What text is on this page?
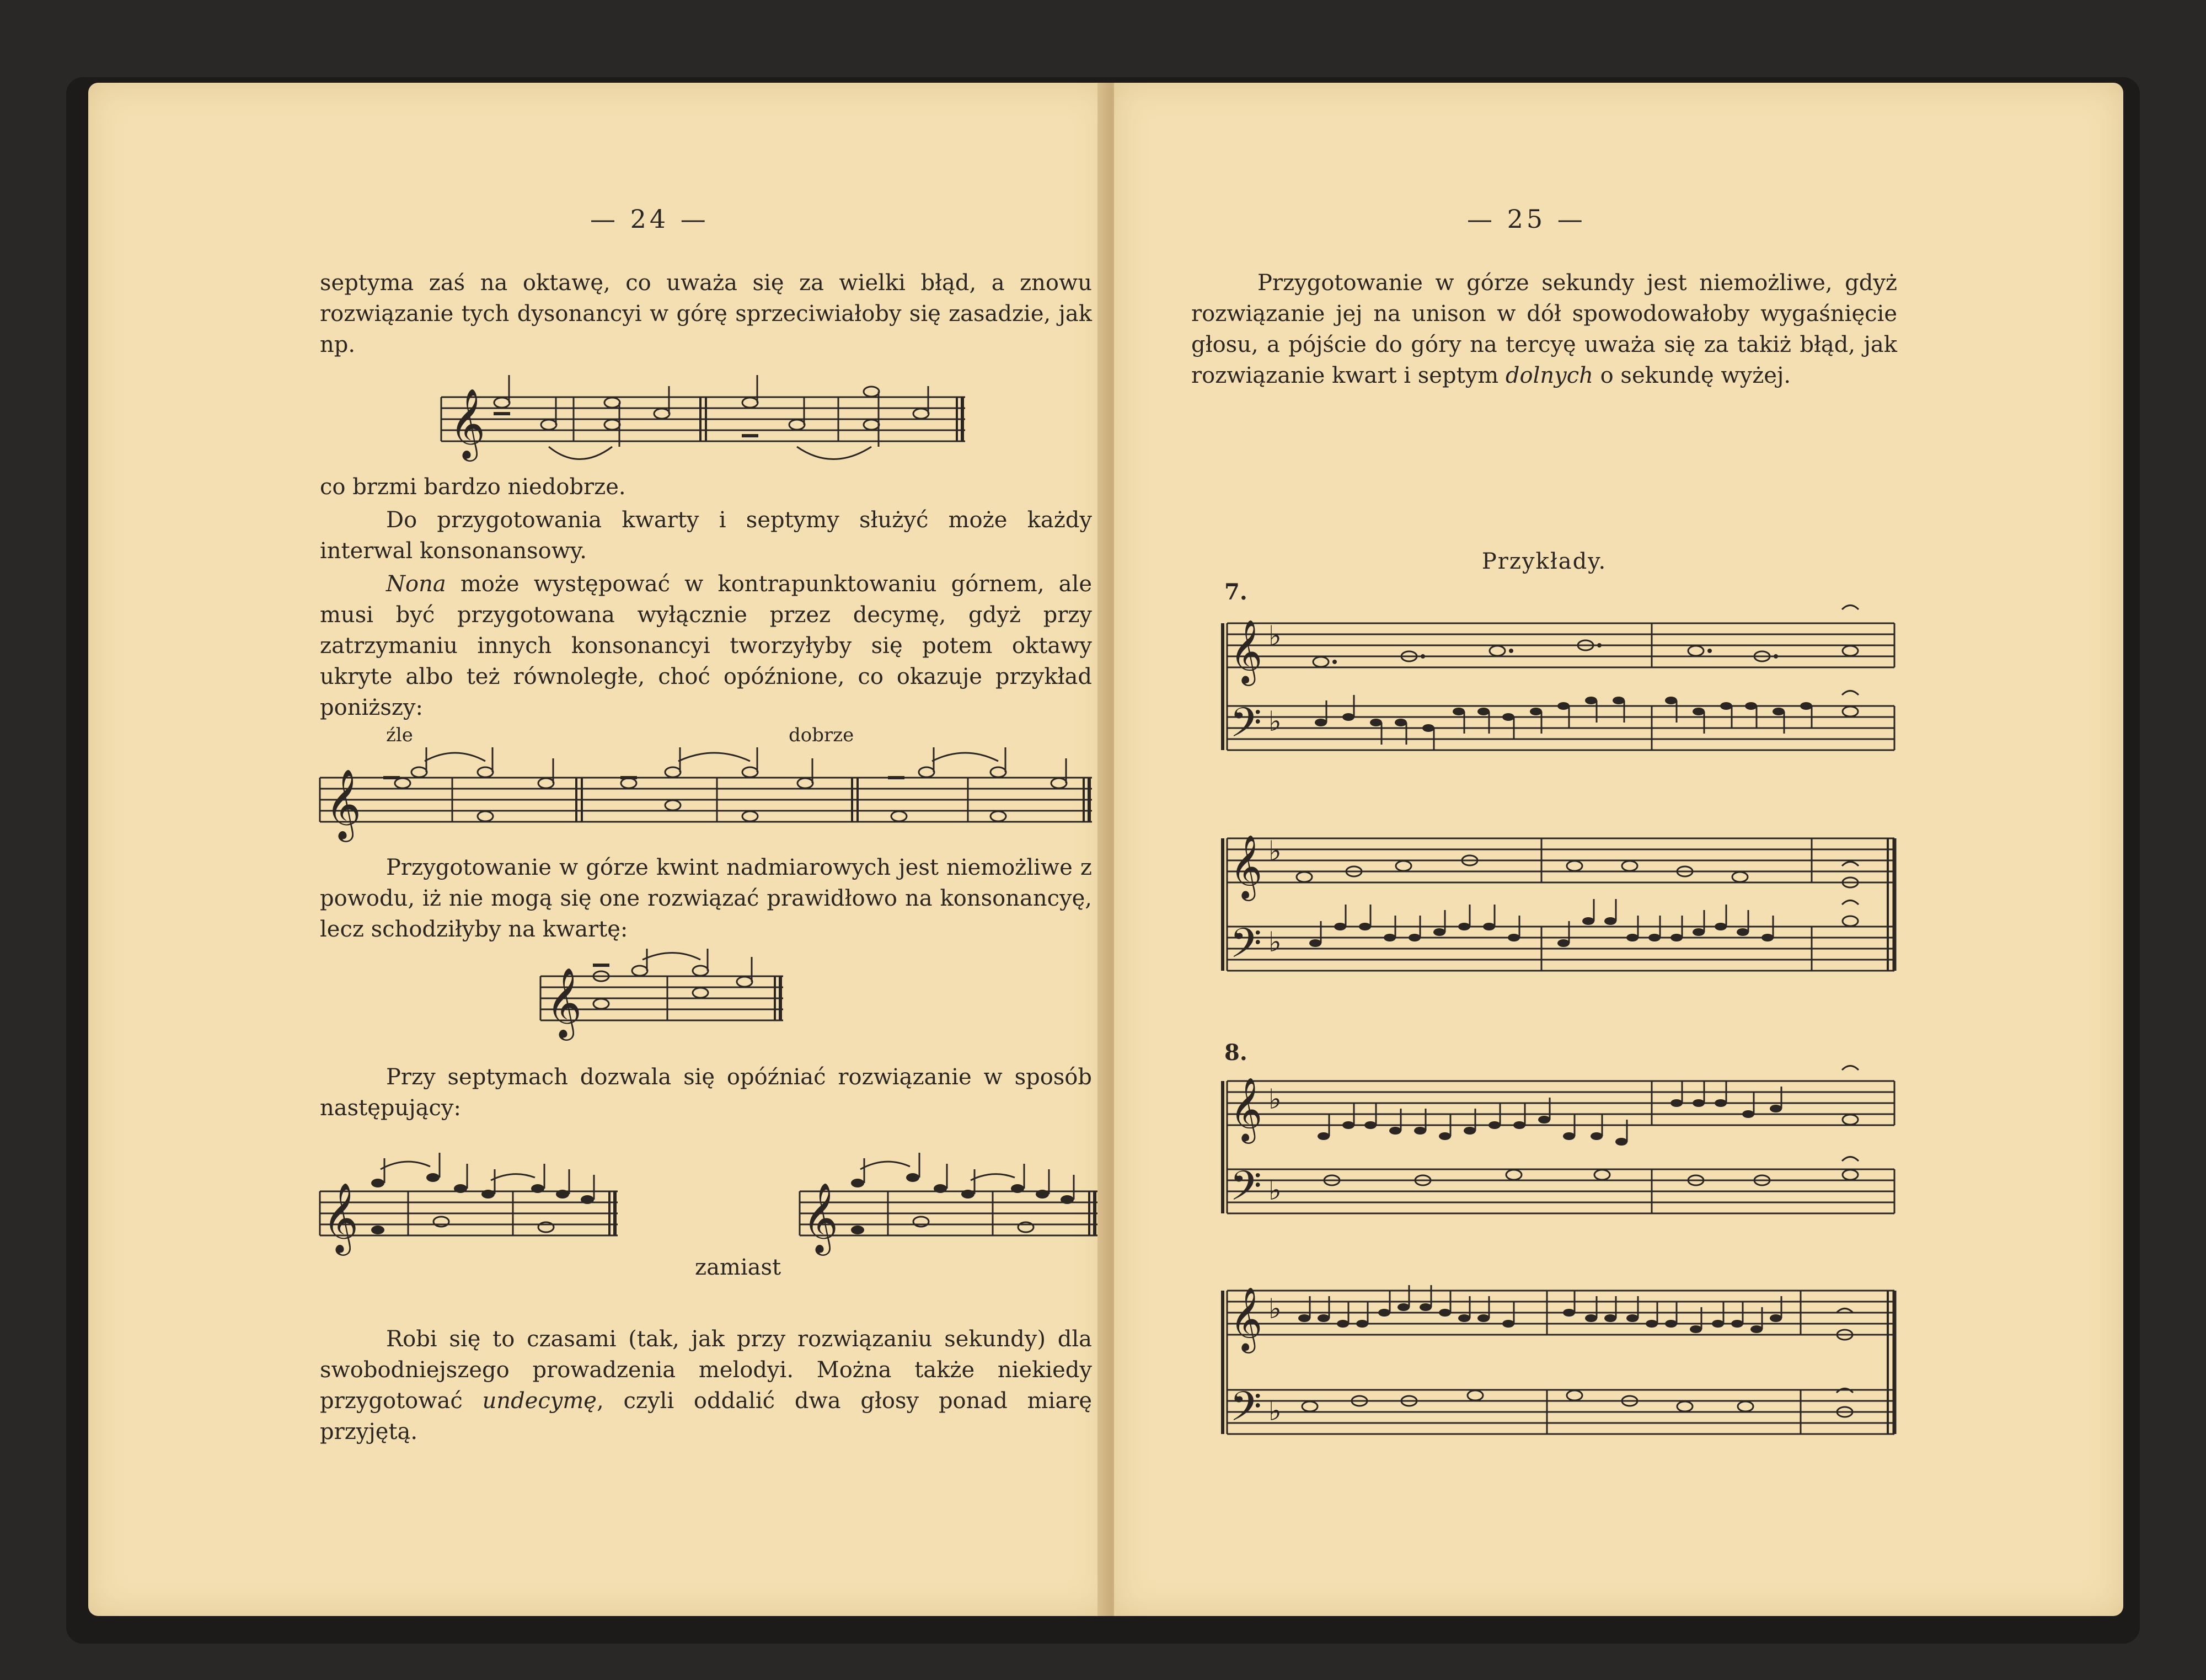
— 24 —
septyma zaś na oktawę, co uważa się za wielki błąd, a znowu rozwiązanie tych dysonancyi w górę sprzeciwiałoby się zasadzie, jak np.
𝄞
co brzmi bardzo niedobrze.
Do przygotowania kwarty i septymy służyć może każdy interwal konsonansowy.
Nona może występować w kontrapunktowaniu górnem, ale musi być przygotowana wyłącznie przez decymę, gdyż przy zatrzymaniu innych konsonancyi tworzyłyby się potem oktawy ukryte albo też równoległe, choć opóźnione, co okazuje przykład poniższy:
źle	dobrze
𝄞
Przygotowanie w górze kwint nadmiarowych jest niemożliwe z powodu, iż nie mogą się one rozwiązać prawidłowo na konsonancyę, lecz schodziłyby na kwartę:
𝄞
Przy septymach dozwala się opóźniać rozwiązanie w sposób następujący:
𝄞	𝄞
zamiast
Robi się to czasami (tak, jak przy rozwiązaniu sekundy) dla swobodniejszego prowadzenia melodyi. Można także niekiedy przygotować undecymę, czyli oddalić dwa głosy ponad miarę przyjętą.
— 25 —
Przygotowanie w górze sekundy jest niemożliwe, gdyż rozwiązanie jej na unison w dół spowodowałoby wygaśnięcie głosu, a pójście do góry na tercyę uważa się za takiż błąd, jak rozwiązanie kwart i septym dolnych o sekundę wyżej.
Przykłady.
7.
𝄞 ♭
𝄢 ♭
𝄞 ♭
𝄢 ♭
8.
𝄞 ♭
𝄢 ♭
𝄞 ♭
𝄢 ♭
